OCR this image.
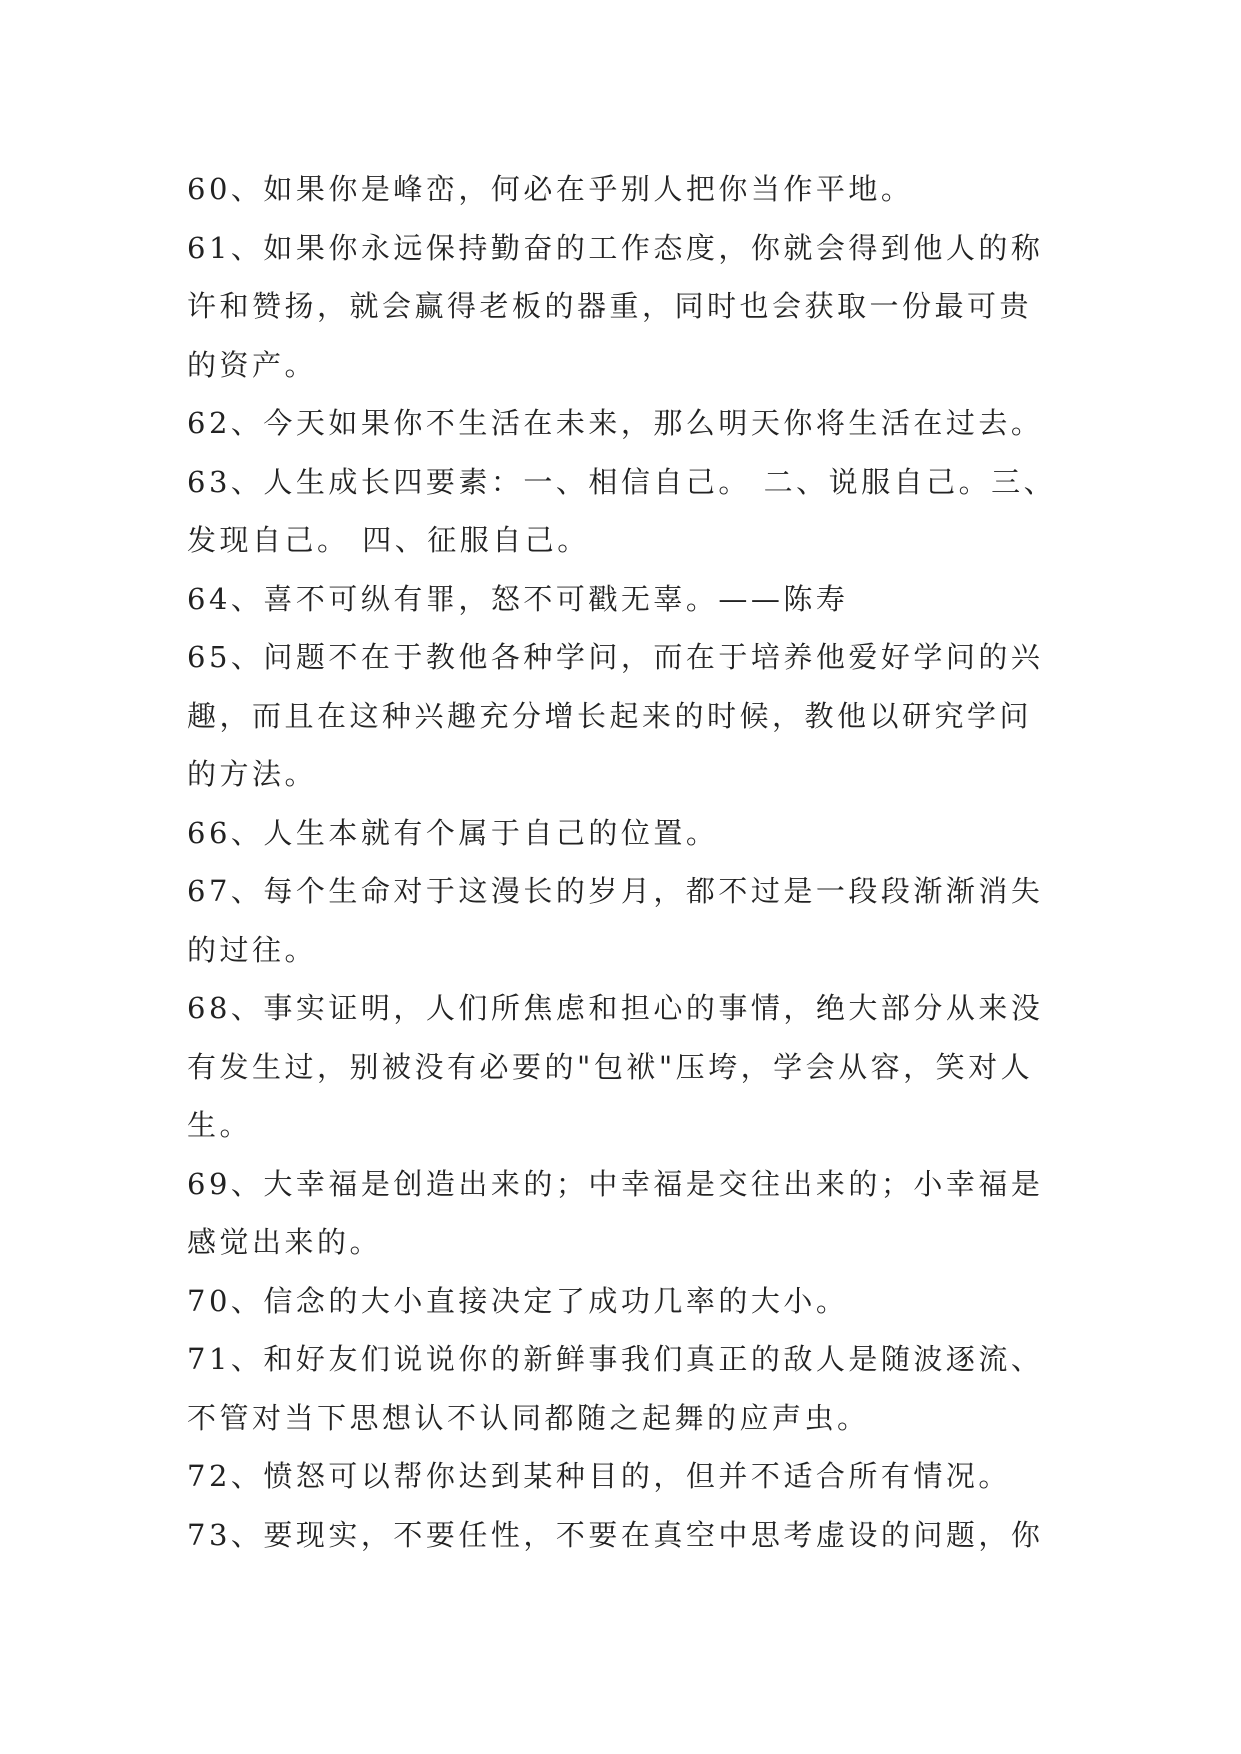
60、如果你是峰峦，何必在乎别人把你当作平地。
61、如果你永远保持勤奋的工作态度，你就会得到他人的称
许和赞扬，就会赢得老板的器重，同时也会获取一份最可贵
的资产。
62、今天如果你不生活在未来，那么明天你将生活在过去。
63、人生成长四要素：一、相信自己。 二、说服自己。三、
发现自己。 四、征服自己。
64、喜不可纵有罪，怒不可戳无辜。——陈寿
65、问题不在于教他各种学问，而在于培养他爱好学问的兴
趣，而且在这种兴趣充分增长起来的时候，教他以研究学问
的方法。
66、人生本就有个属于自己的位置。
67、每个生命对于这漫长的岁月，都不过是一段段渐渐消失
的过往。
68、事实证明，人们所焦虑和担心的事情，绝大部分从来没
有发生过，别被没有必要的"包袱"压垮，学会从容，笑对人
生。
69、大幸福是创造出来的；中幸福是交往出来的；小幸福是
感觉出来的。
70、信念的大小直接决定了成功几率的大小。
71、和好友们说说你的新鲜事我们真正的敌人是随波逐流、
不管对当下思想认不认同都随之起舞的应声虫。
72、愤怒可以帮你达到某种目的，但并不适合所有情况。
73、要现实，不要任性，不要在真空中思考虚设的问题，你
